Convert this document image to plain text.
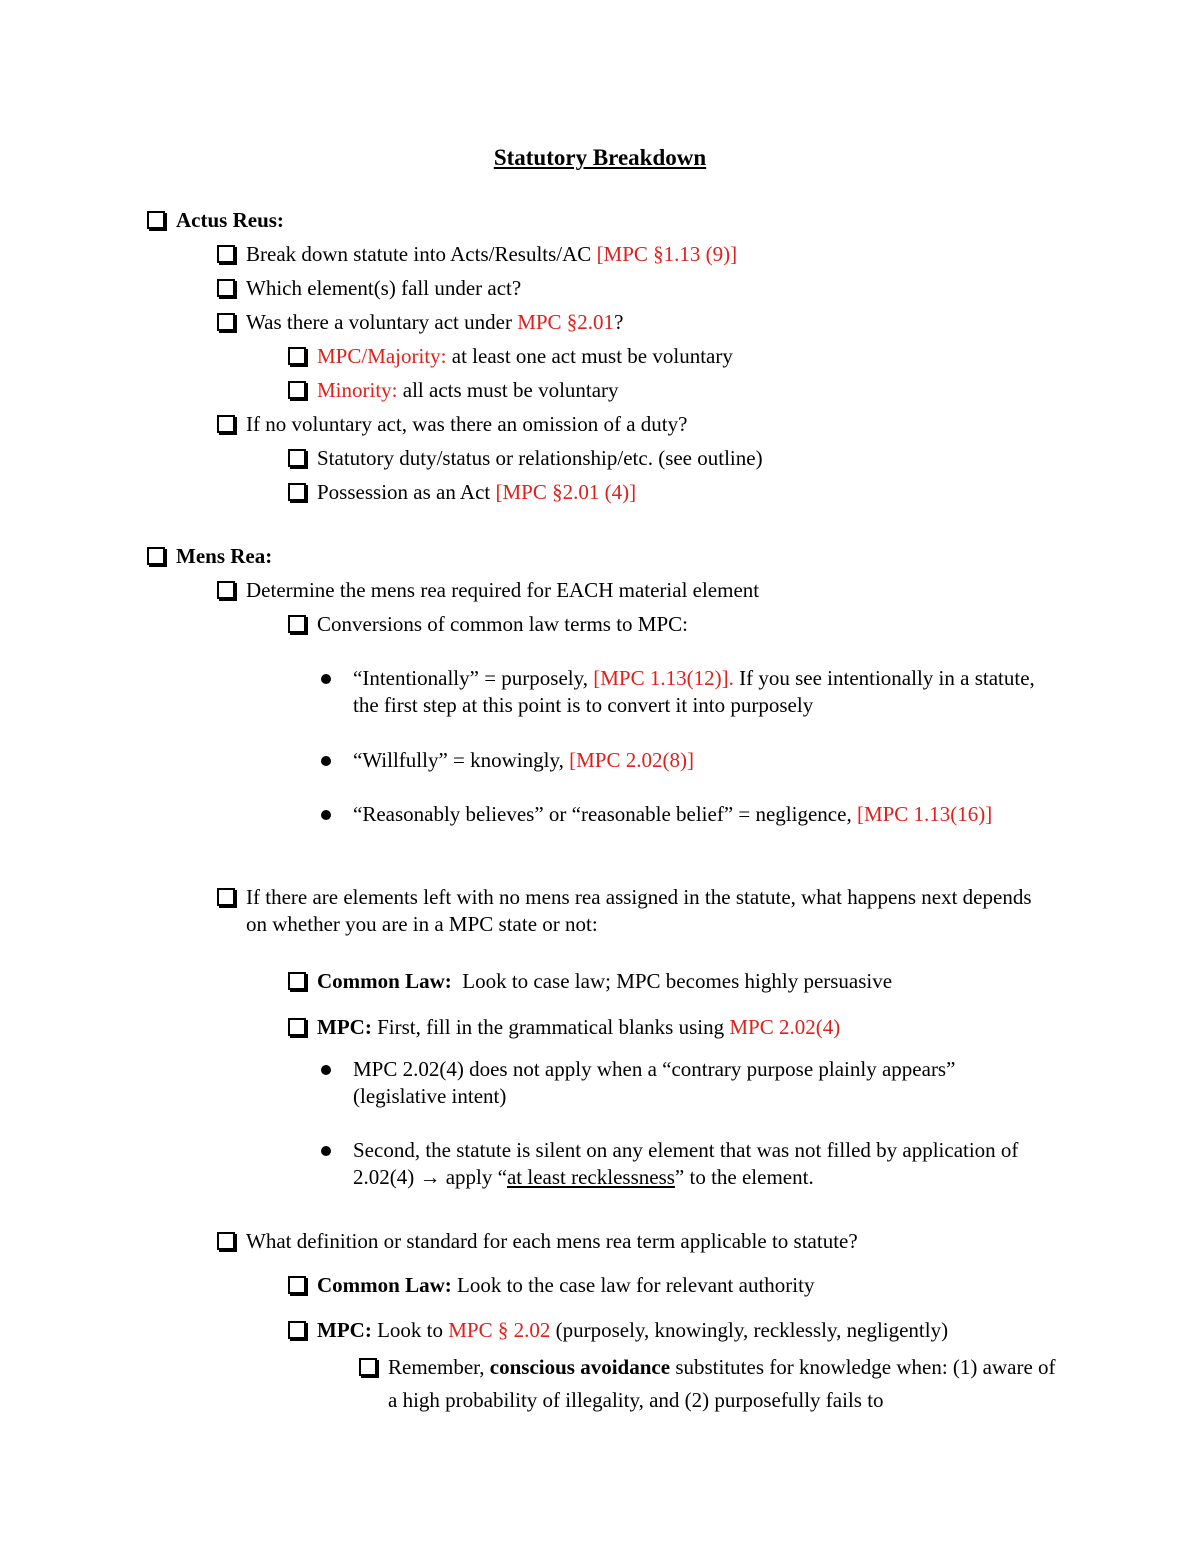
Statutory Breakdown
Actus Reus:
Break down statute into Acts/Results/AC [MPC §1.13 (9)]
Which element(s) fall under act?
Was there a voluntary act under MPC §2.01?
MPC/Majority: at least one act must be voluntary
Minority: all acts must be voluntary
If no voluntary act, was there an omission of a duty?
Statutory duty/status or relationship/etc. (see outline)
Possession as an Act [MPC §2.01 (4)]
Mens Rea:
Determine the mens rea required for EACH material element
Conversions of common law terms to MPC:
“Intentionally” = purposely, [MPC 1.13(12)]. If you see intentionally in a statute, the first step at this point is to convert it into purposely
“Willfully” = knowingly, [MPC 2.02(8)]
“Reasonably believes” or “reasonable belief” = negligence, [MPC 1.13(16)]
If there are elements left with no mens rea assigned in the statute, what happens next depends on whether you are in a MPC state or not:
Common Law: Look to case law; MPC becomes highly persuasive
MPC: First, fill in the grammatical blanks using MPC 2.02(4)
MPC 2.02(4) does not apply when a “contrary purpose plainly appears” (legislative intent)
Second, the statute is silent on any element that was not filled by application of 2.02(4) → apply “at least recklessness” to the element.
What definition or standard for each mens rea term applicable to statute?
Common Law: Look to the case law for relevant authority
MPC: Look to MPC § 2.02 (purposely, knowingly, recklessly, negligently)
Remember, conscious avoidance substitutes for knowledge when: (1) aware of a high probability of illegality, and (2) purposefully fails to
